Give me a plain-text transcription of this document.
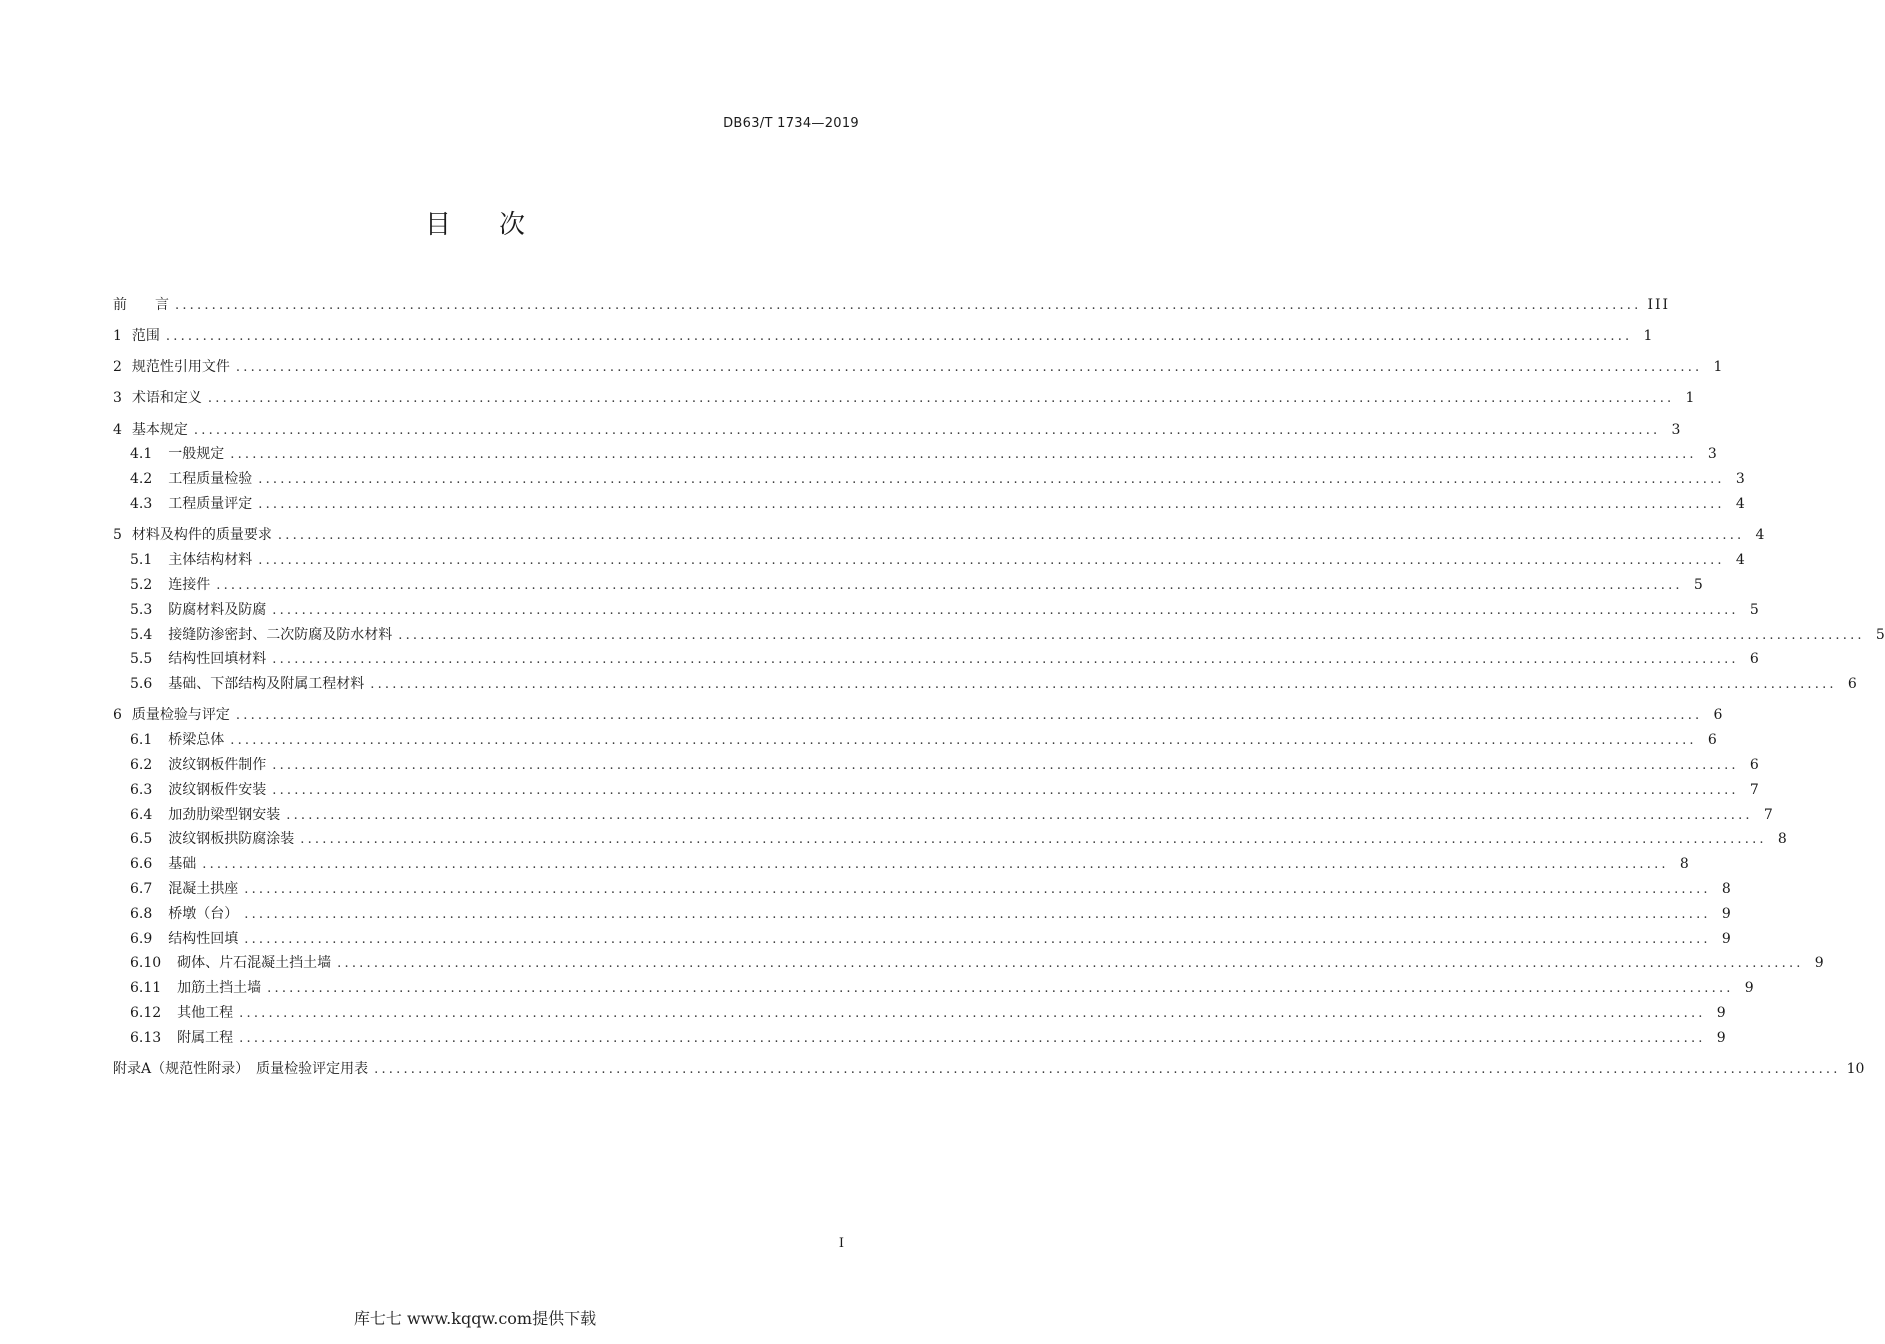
DB63/T 1734—2019
目次
前　　言 ........................................................................................................................................................................................................ III
1 范围 ........................................................................................................................................................................................................ 1
2 规范性引用文件 ........................................................................................................................................................................................................ 1
3 术语和定义 ........................................................................................................................................................................................................ 1
4 基本规定 ........................................................................................................................................................................................................ 3
4.1 一般规定 ........................................................................................................................................................................................................ 3
4.2 工程质量检验 ........................................................................................................................................................................................................ 3
4.3 工程质量评定 ........................................................................................................................................................................................................ 4
5 材料及构件的质量要求 ........................................................................................................................................................................................................ 4
5.1 主体结构材料 ........................................................................................................................................................................................................ 4
5.2 连接件 ........................................................................................................................................................................................................ 5
5.3 防腐材料及防腐 ........................................................................................................................................................................................................ 5
5.4 接缝防渗密封、二次防腐及防水材料 ........................................................................................................................................................................................................ 5
5.5 结构性回填材料 ........................................................................................................................................................................................................ 6
5.6 基础、下部结构及附属工程材料 ........................................................................................................................................................................................................ 6
6 质量检验与评定 ........................................................................................................................................................................................................ 6
6.1 桥梁总体 ........................................................................................................................................................................................................ 6
6.2 波纹钢板件制作 ........................................................................................................................................................................................................ 6
6.3 波纹钢板件安装 ........................................................................................................................................................................................................ 7
6.4 加劲肋梁型钢安装 ........................................................................................................................................................................................................ 7
6.5 波纹钢板拱防腐涂装 ........................................................................................................................................................................................................ 8
6.6 基础 ........................................................................................................................................................................................................ 8
6.7 混凝土拱座 ........................................................................................................................................................................................................ 8
6.8 桥墩（台） ........................................................................................................................................................................................................ 9
6.9 结构性回填 ........................................................................................................................................................................................................ 9
6.10 砌体、片石混凝土挡土墙 ........................................................................................................................................................................................................ 9
6.11 加筋土挡土墙 ........................................................................................................................................................................................................ 9
6.12 其他工程 ........................................................................................................................................................................................................ 9
6.13 附属工程 ........................................................................................................................................................................................................ 9
附录A（规范性附录）　质量检验评定用表 ........................................................................................................................................................................................................ 10
I
库七七 www.kqqw.com提供下载
